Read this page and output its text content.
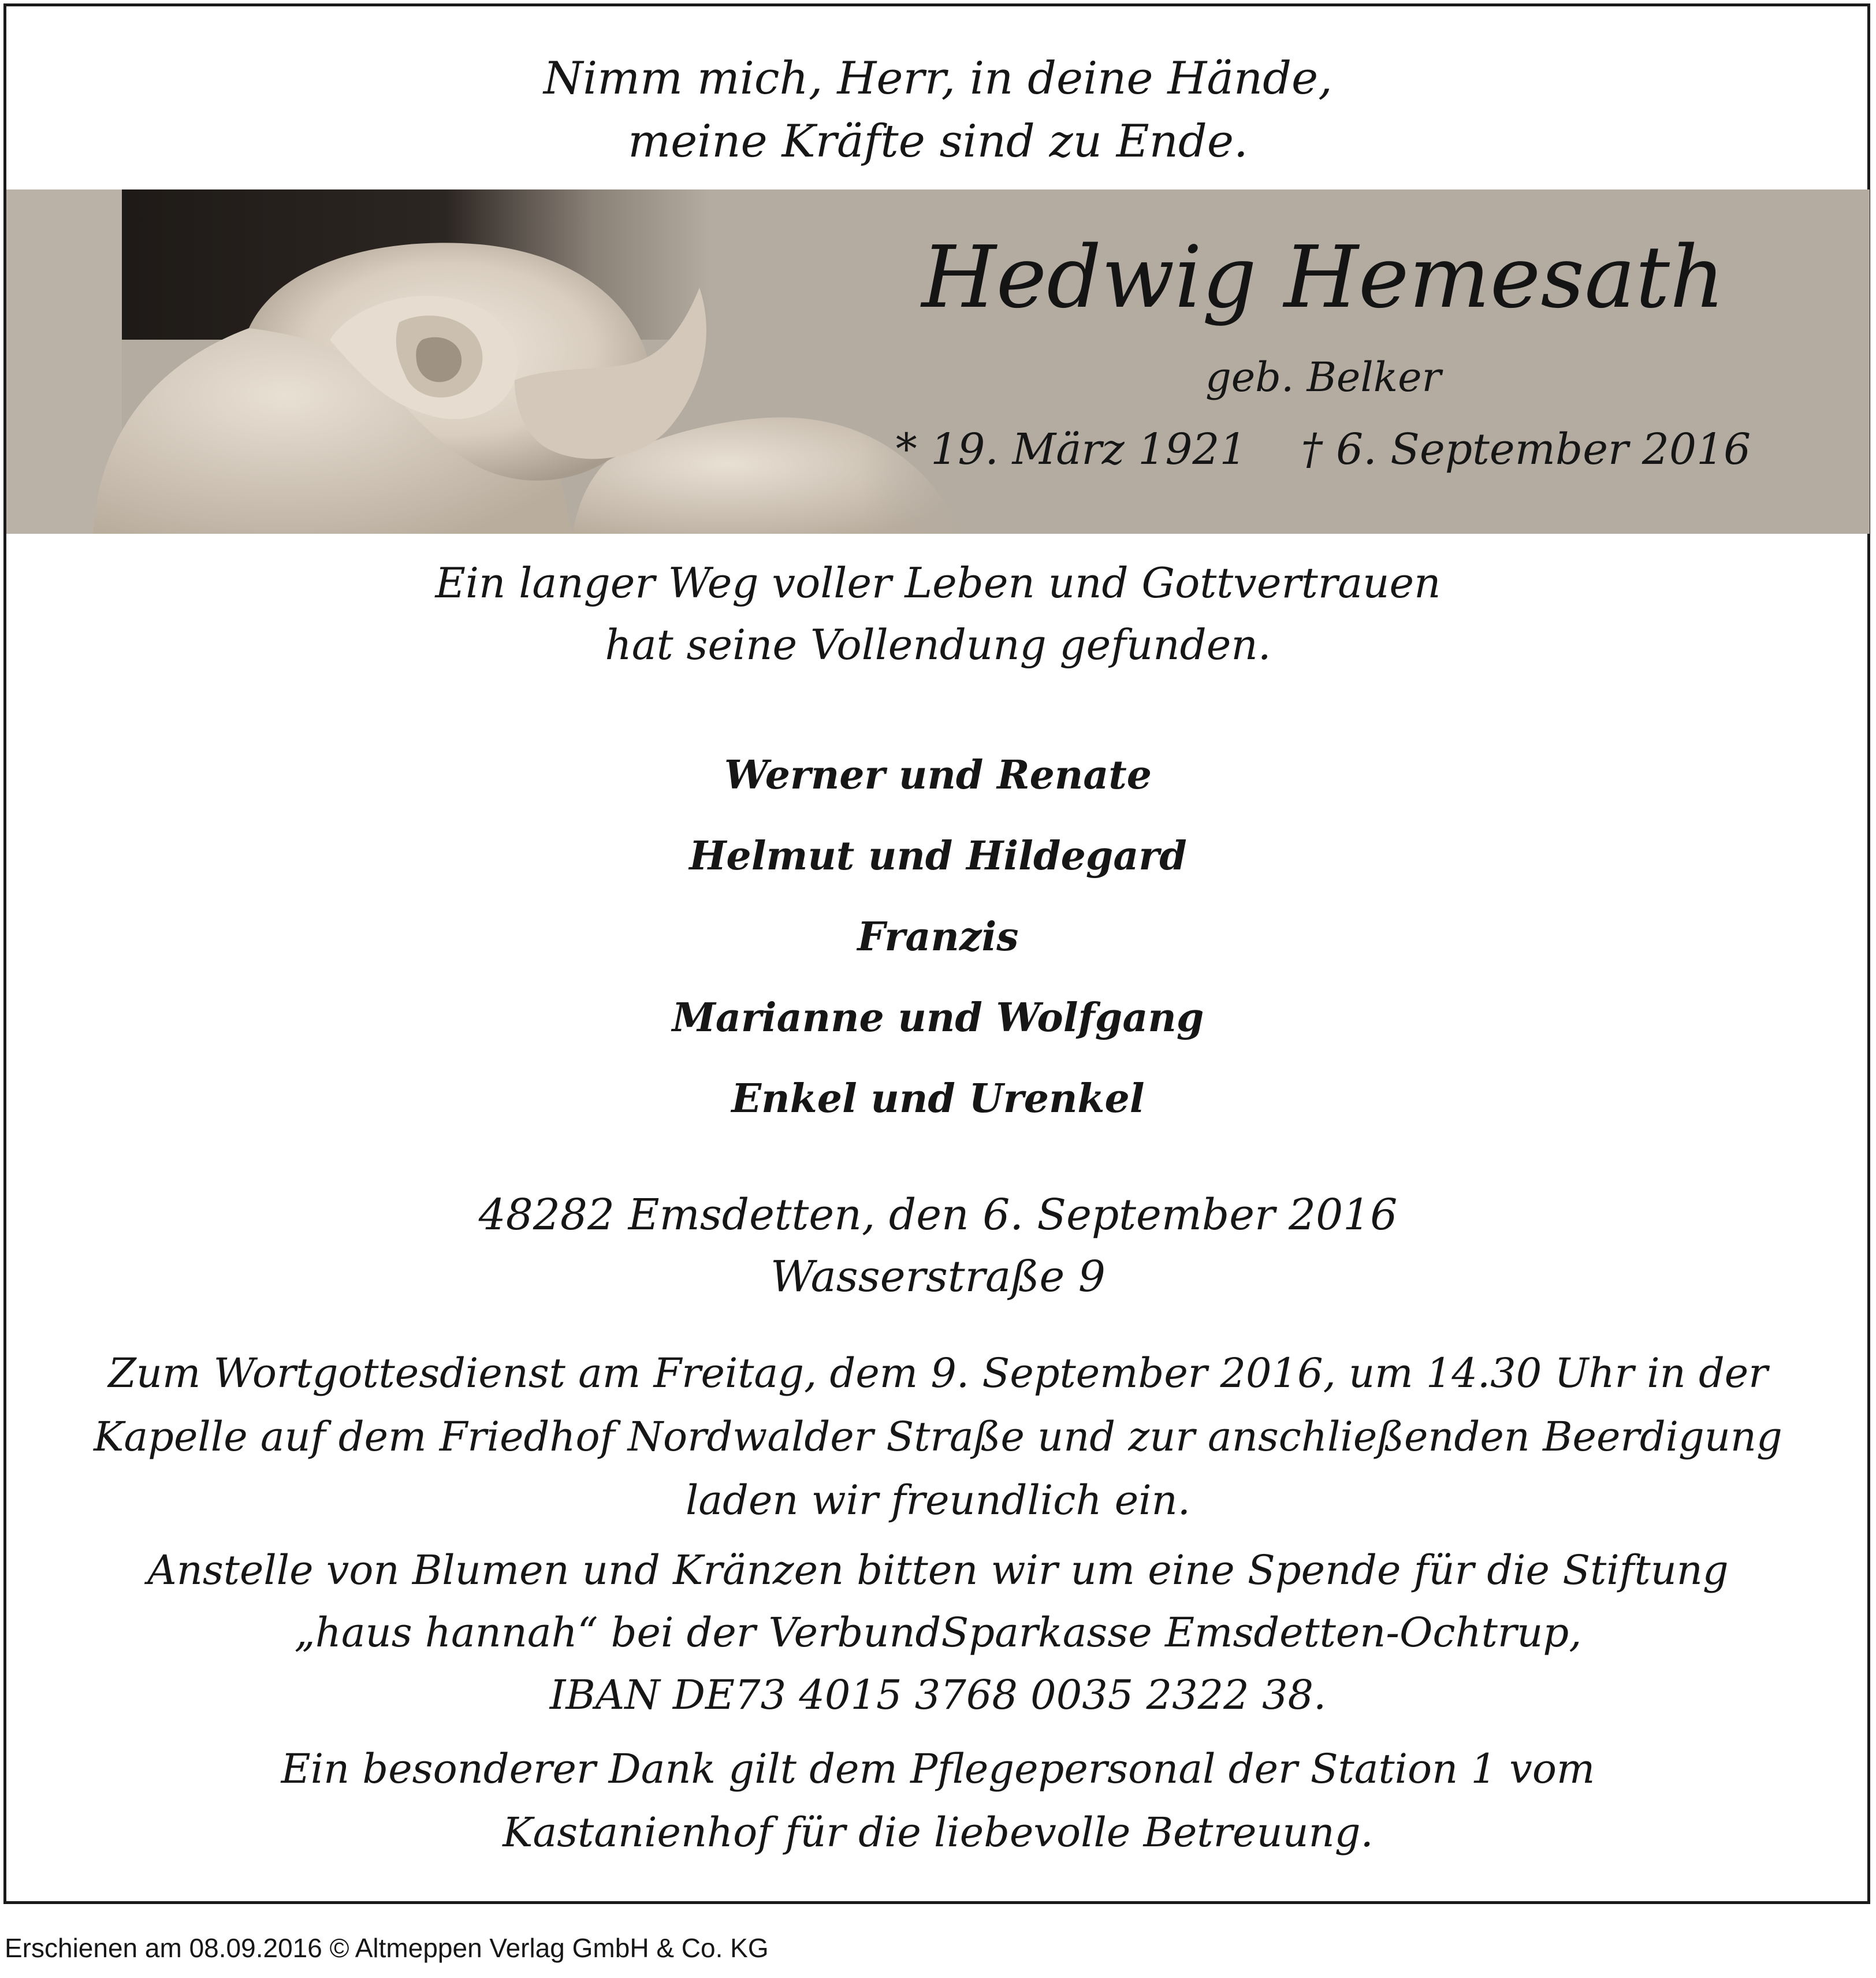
Nimm mich, Herr, in deine Hände,
meine Kräfte sind zu Ende.
Hedwig Hemesath
geb. Belker
* 19. März 1921 † 6. September 2016
Ein langer Weg voller Leben und Gottvertrauen
hat seine Vollendung gefunden.
Werner und Renate
Helmut und Hildegard
Franzis
Marianne und Wolfgang
Enkel und Urenkel
48282 Emsdetten, den 6. September 2016
Wasserstraße 9
Zum Wortgottesdienst am Freitag, dem 9. September 2016, um 14.30 Uhr in der
Kapelle auf dem Friedhof Nordwalder Straße und zur anschließenden Beerdigung
laden wir freundlich ein.
Anstelle von Blumen und Kränzen bitten wir um eine Spende für die Stiftung
„haus hannah“ bei der VerbundSparkasse Emsdetten-Ochtrup,
IBAN DE73 4015 3768 0035 2322 38.
Ein besonderer Dank gilt dem Pflegepersonal der Station 1 vom
Kastanienhof für die liebevolle Betreuung.
Erschienen am 08.09.2016 © Altmeppen Verlag GmbH & Co. KG
